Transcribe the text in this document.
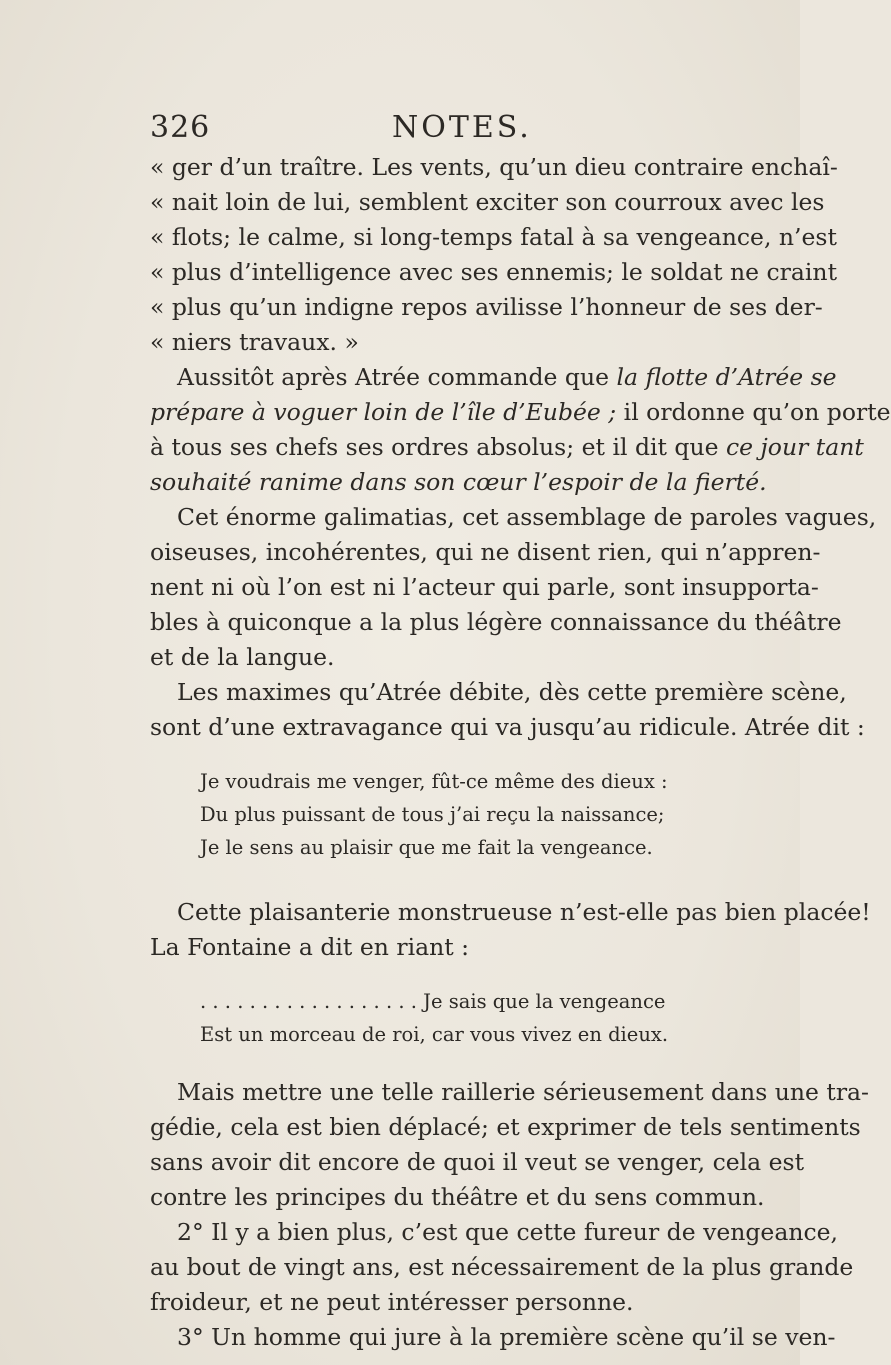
326	NOTES.
« ger d’un traître. Les vents, qu’un dieu contraire enchaî-
« nait loin de lui, semblent exciter son courroux avec les
« flots; le calme, si long-temps fatal à sa vengeance, n’est
« plus d’intelligence avec ses ennemis; le soldat ne craint
« plus qu’un indigne repos avilisse l’honneur de ses der-
« niers travaux. »
Aussitôt après Atrée commande que la flotte d’Atrée se
prépare à voguer loin de l’île d’Eubée ; il ordonne qu’on porte
à tous ses chefs ses ordres absolus; et il dit que ce jour tant
souhaité ranime dans son cœur l’espoir de la fierté.
Cet énorme galimatias, cet assemblage de paroles vagues,
oiseuses, incohérentes, qui ne disent rien, qui n’appren-
nent ni où l’on est ni l’acteur qui parle, sont insupporta-
bles à quiconque a la plus légère connaissance du théâtre
et de la langue.
Les maximes qu’Atrée débite, dès cette première scène,
sont d’une extravagance qui va jusqu’au ridicule. Atrée dit :
Je voudrais me venger, fût-ce même des dieux :
Du plus puissant de tous j’ai reçu la naissance;
Je le sens au plaisir que me fait la vengeance.
Cette plaisanterie monstrueuse n’est-elle pas bien placée!
La Fontaine a dit en riant :
. . . . . . . . . . . . . . . . . . Je sais que la vengeance
Est un morceau de roi, car vous vivez en dieux.
Mais mettre une telle raillerie sérieusement dans une tra-
gédie, cela est bien déplacé; et exprimer de tels sentiments
sans avoir dit encore de quoi il veut se venger, cela est
contre les principes du théâtre et du sens commun.
2° Il y a bien plus, c’est que cette fureur de vengeance,
au bout de vingt ans, est nécessairement de la plus grande
froideur, et ne peut intéresser personne.
3° Un homme qui jure à la première scène qu’il se ven-
